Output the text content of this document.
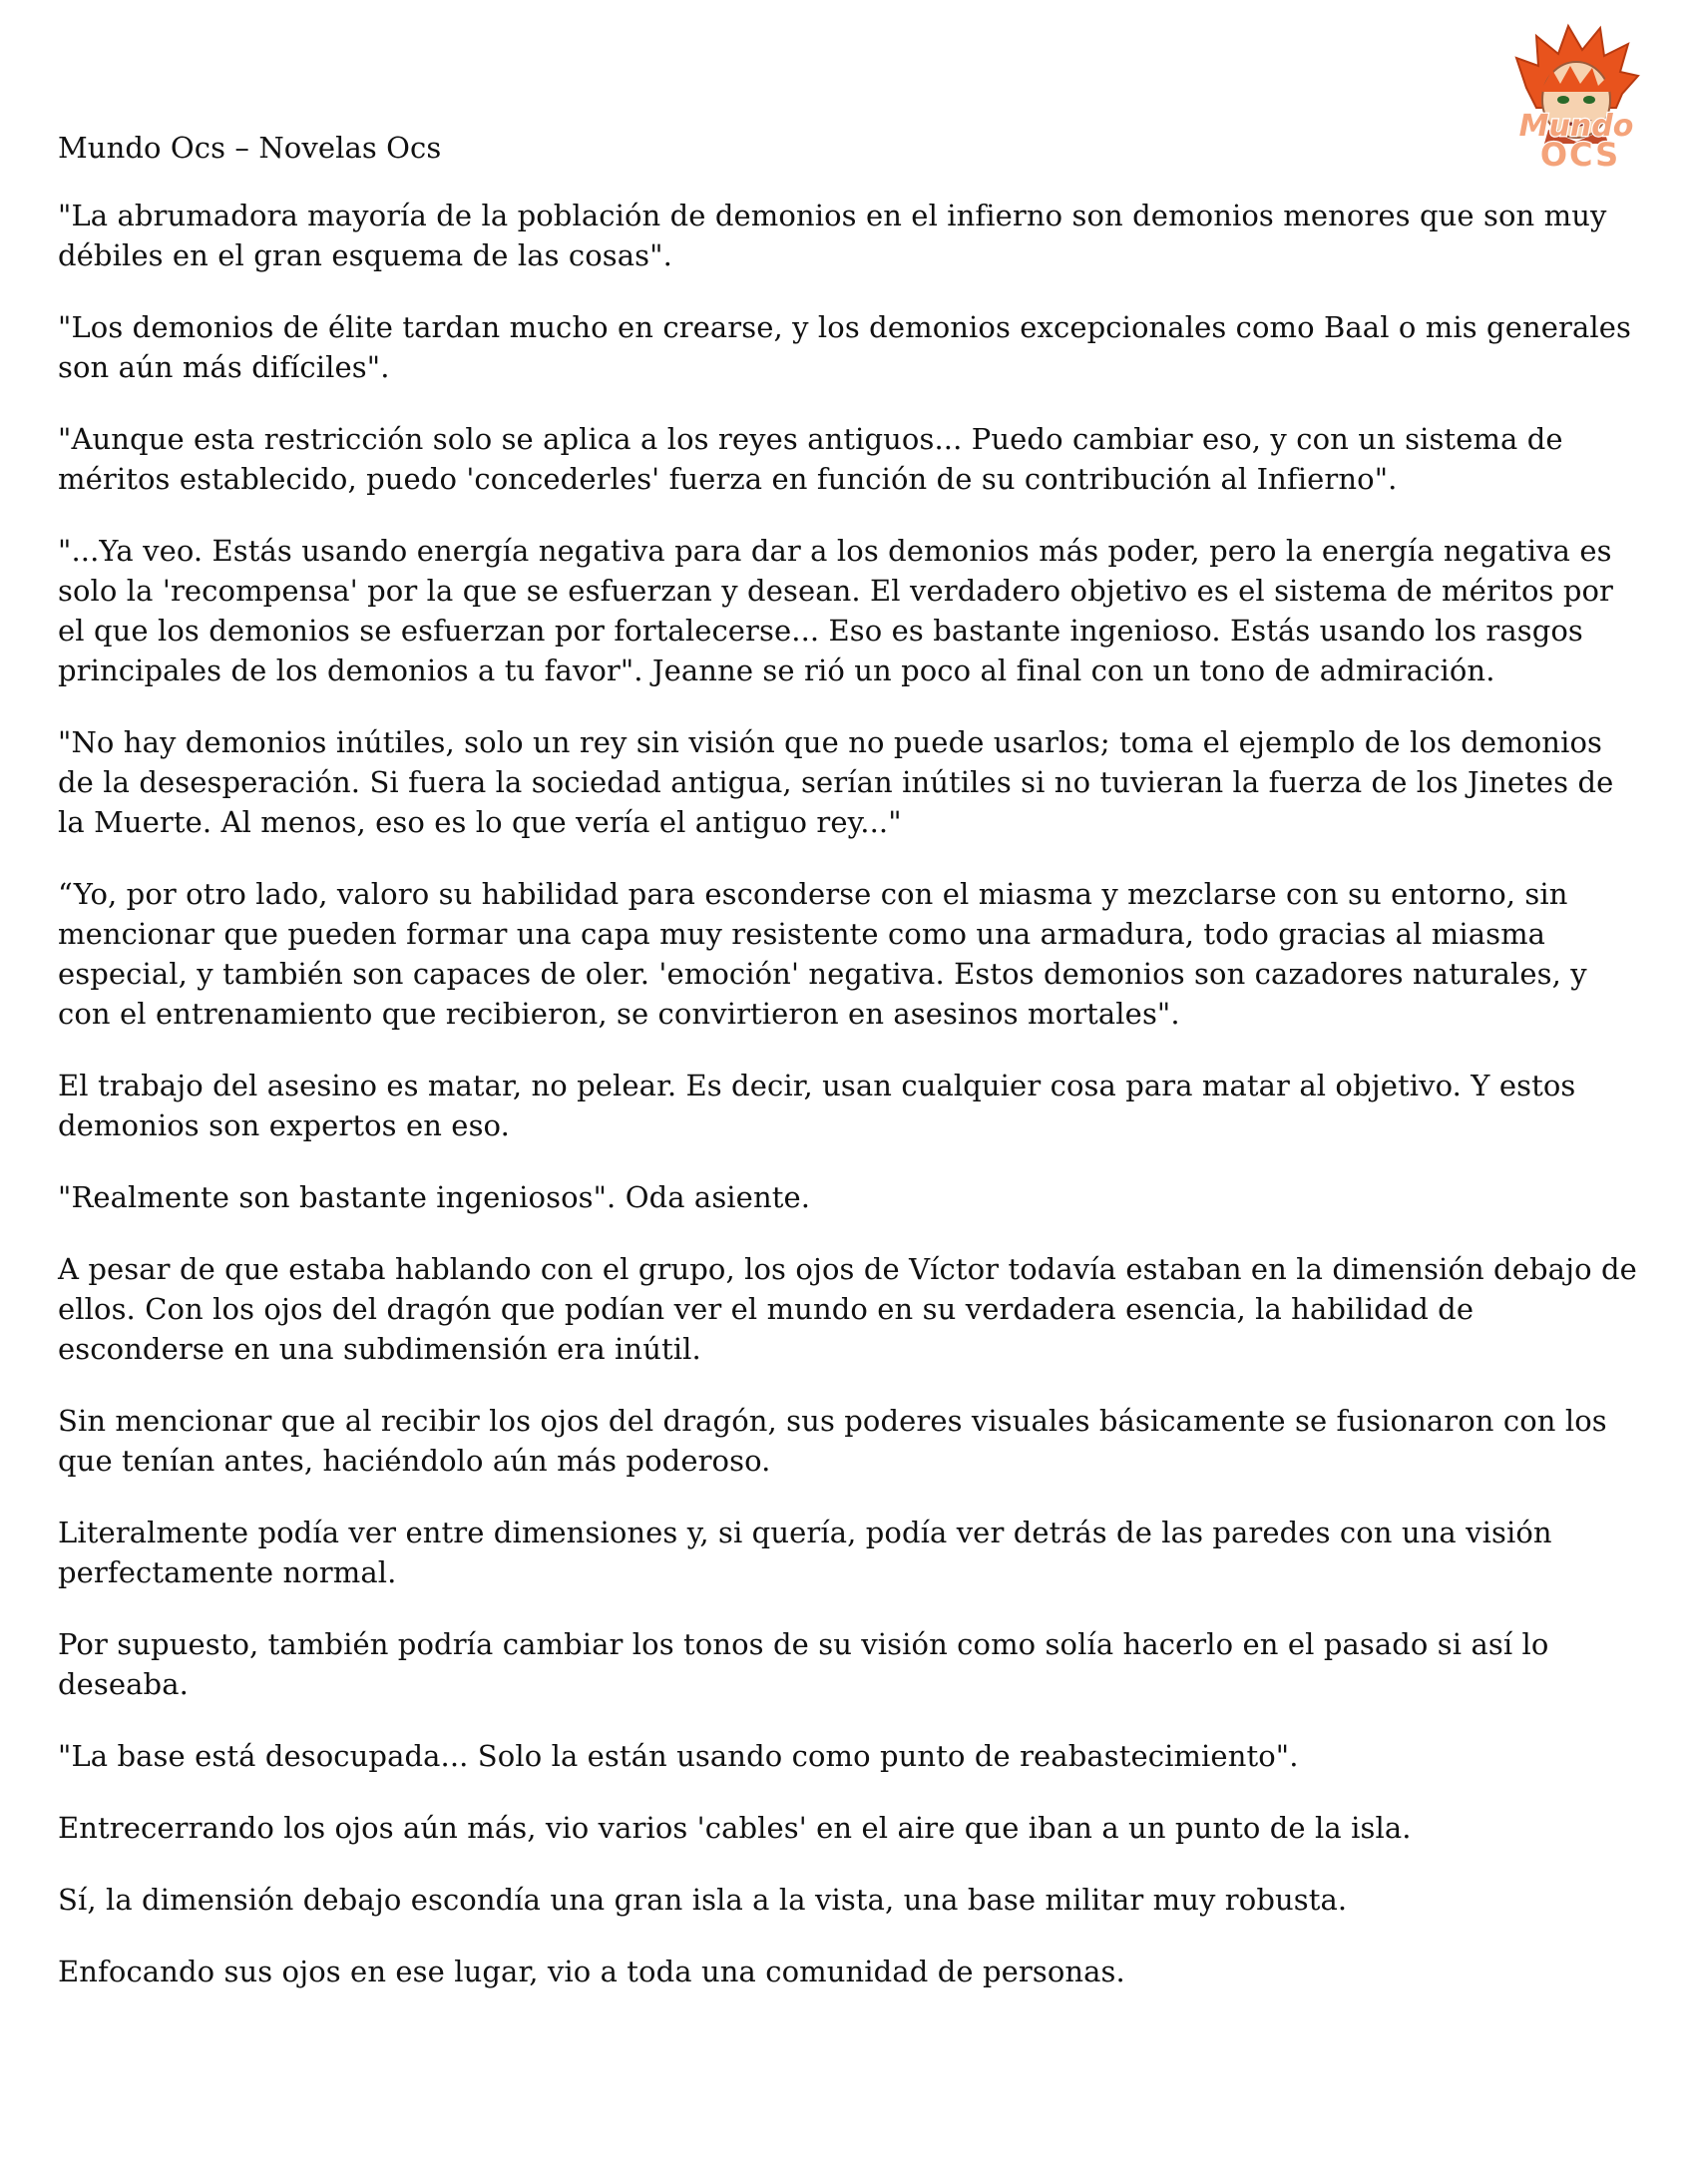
Mundo
OCS
Mundo Ocs – Novelas Ocs

"La abrumadora mayoría de la población de demonios en el infierno son demonios menores que son muy débiles en el gran esquema de las cosas".

"Los demonios de élite tardan mucho en crearse, y los demonios excepcionales como Baal o mis generales son aún más difíciles".

"Aunque esta restricción solo se aplica a los reyes antiguos... Puedo cambiar eso, y con un sistema de méritos establecido, puedo 'concederles' fuerza en función de su contribución al Infierno".

"...Ya veo. Estás usando energía negativa para dar a los demonios más poder, pero la energía negativa es solo la 'recompensa' por la que se esfuerzan y desean. El verdadero objetivo es el sistema de méritos por el que los demonios se esfuerzan por fortalecerse... Eso es bastante ingenioso. Estás usando los rasgos principales de los demonios a tu favor". Jeanne se rió un poco al final con un tono de admiración.

"No hay demonios inútiles, solo un rey sin visión que no puede usarlos; toma el ejemplo de los demonios de la desesperación. Si fuera la sociedad antigua, serían inútiles si no tuvieran la fuerza de los Jinetes de la Muerte. Al menos, eso es lo que vería el antiguo rey..."

“Yo, por otro lado, valoro su habilidad para esconderse con el miasma y mezclarse con su entorno, sin mencionar que pueden formar una capa muy resistente como una armadura, todo gracias al miasma especial, y también son capaces de oler. 'emoción' negativa. Estos demonios son cazadores naturales, y con el entrenamiento que recibieron, se convirtieron en asesinos mortales".

El trabajo del asesino es matar, no pelear. Es decir, usan cualquier cosa para matar al objetivo. Y estos demonios son expertos en eso.

"Realmente son bastante ingeniosos". Oda asiente.

A pesar de que estaba hablando con el grupo, los ojos de Víctor todavía estaban en la dimensión debajo de ellos. Con los ojos del dragón que podían ver el mundo en su verdadera esencia, la habilidad de esconderse en una subdimensión era inútil.

Sin mencionar que al recibir los ojos del dragón, sus poderes visuales básicamente se fusionaron con los que tenían antes, haciéndolo aún más poderoso.

Literalmente podía ver entre dimensiones y, si quería, podía ver detrás de las paredes con una visión perfectamente normal.

Por supuesto, también podría cambiar los tonos de su visión como solía hacerlo en el pasado si así lo deseaba.

"La base está desocupada... Solo la están usando como punto de reabastecimiento".

Entrecerrando los ojos aún más, vio varios 'cables' en el aire que iban a un punto de la isla.

Sí, la dimensión debajo escondía una gran isla a la vista, una base militar muy robusta.

Enfocando sus ojos en ese lugar, vio a toda una comunidad de personas.
